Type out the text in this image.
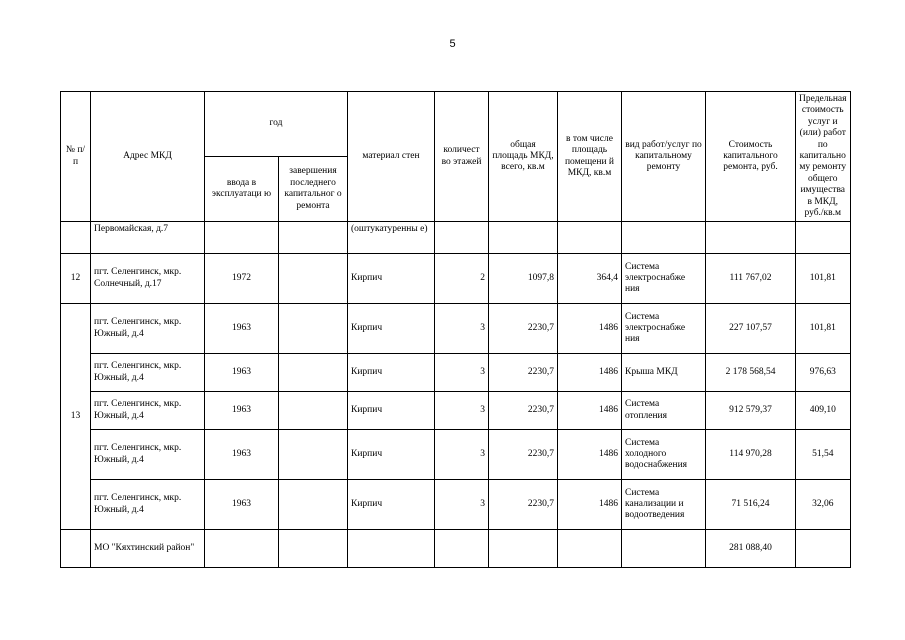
5
№ п/п	Адрес МКД	год		материал стен	количест во этажей	общая площадь МКД, всего, кв.м	в том числе площадь помещени й МКД, кв.м	вид работ/услуг по капитальному ремонту	Стоимость капитального ремонта, руб.	Предельная стоимость услуг и (или) работ по капитально му ремонту общего имущества в МКД, руб./кв.м
		ввода в эксплуатаци ю	завершения последнего капитальног о ремонта							
	Первомайская, д.7			(оштукатуренны е)						
12	пгт. Селенгинск, мкр. Солнечный, д.17	1972		Кирпич	2	1097,8	364,4	Система электроснабже ния	111 767,02	101,81
13	пгт. Селенгинск, мкр. Южный, д.4	1963		Кирпич	3	2230,7	1486	Система электроснабже ния	227 107,57	101,81
	пгт. Селенгинск, мкр. Южный, д.4	1963		Кирпич	3	2230,7	1486	Крыша МКД	2 178 568,54	976,63
	пгт. Селенгинск, мкр. Южный, д.4	1963		Кирпич	3	2230,7	1486	Система отопления	912 579,37	409,10
	пгт. Селенгинск, мкр. Южный, д.4	1963		Кирпич	3	2230,7	1486	Система холодного водоснабжения	114 970,28	51,54
	пгт. Селенгинск, мкр. Южный, д.4	1963		Кирпич	3	2230,7	1486	Система канализации и водоотведения	71 516,24	32,06
	МО "Кяхтинский район"								281 088,40	
